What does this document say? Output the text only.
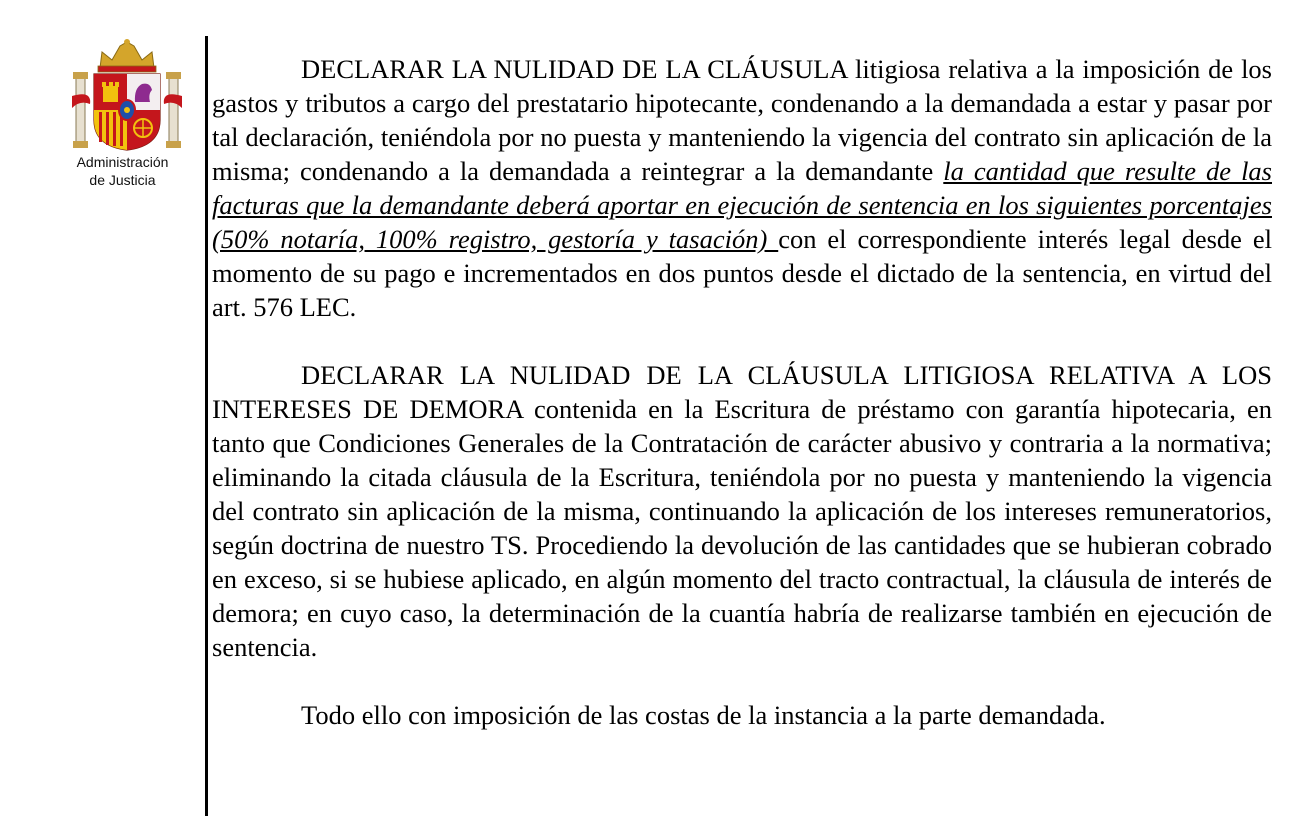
Administración
de Justicia

DECLARAR LA NULIDAD DE LA CLÁUSULA litigiosa relativa a la imposición de los gastos y tributos a cargo del prestatario hipotecante, condenando a la demandada a estar y pasar por tal declaración, teniéndola por no puesta y manteniendo la vigencia del contrato sin aplicación de la misma; condenando a la demandada a reintegrar a la demandante la cantidad que resulte de las facturas que la demandante deberá aportar en ejecución de sentencia en los siguientes porcentajes (50% notaría, 100% registro, gestoría y tasación) con el correspondiente interés legal desde el momento de su pago e incrementados en dos puntos desde el dictado de la sentencia, en virtud del art. 576 LEC.

DECLARAR LA NULIDAD DE LA CLÁUSULA LITIGIOSA RELATIVA A LOS INTERESES DE DEMORA contenida en la Escritura de préstamo con garantía hipotecaria, en tanto que Condiciones Generales de la Contratación de carácter abusivo y contraria a la normativa; eliminando la citada cláusula de la Escritura, teniéndola por no puesta y manteniendo la vigencia del contrato sin aplicación de la misma, continuando la aplicación de los intereses remuneratorios, según doctrina de nuestro TS. Procediendo la devolución de las cantidades que se hubieran cobrado en exceso, si se hubiese aplicado, en algún momento del tracto contractual, la cláusula de interés de demora; en cuyo caso, la determinación de la cuantía habría de realizarse también en ejecución de sentencia.

Todo ello con imposición de las costas de la instancia a la parte demandada.
